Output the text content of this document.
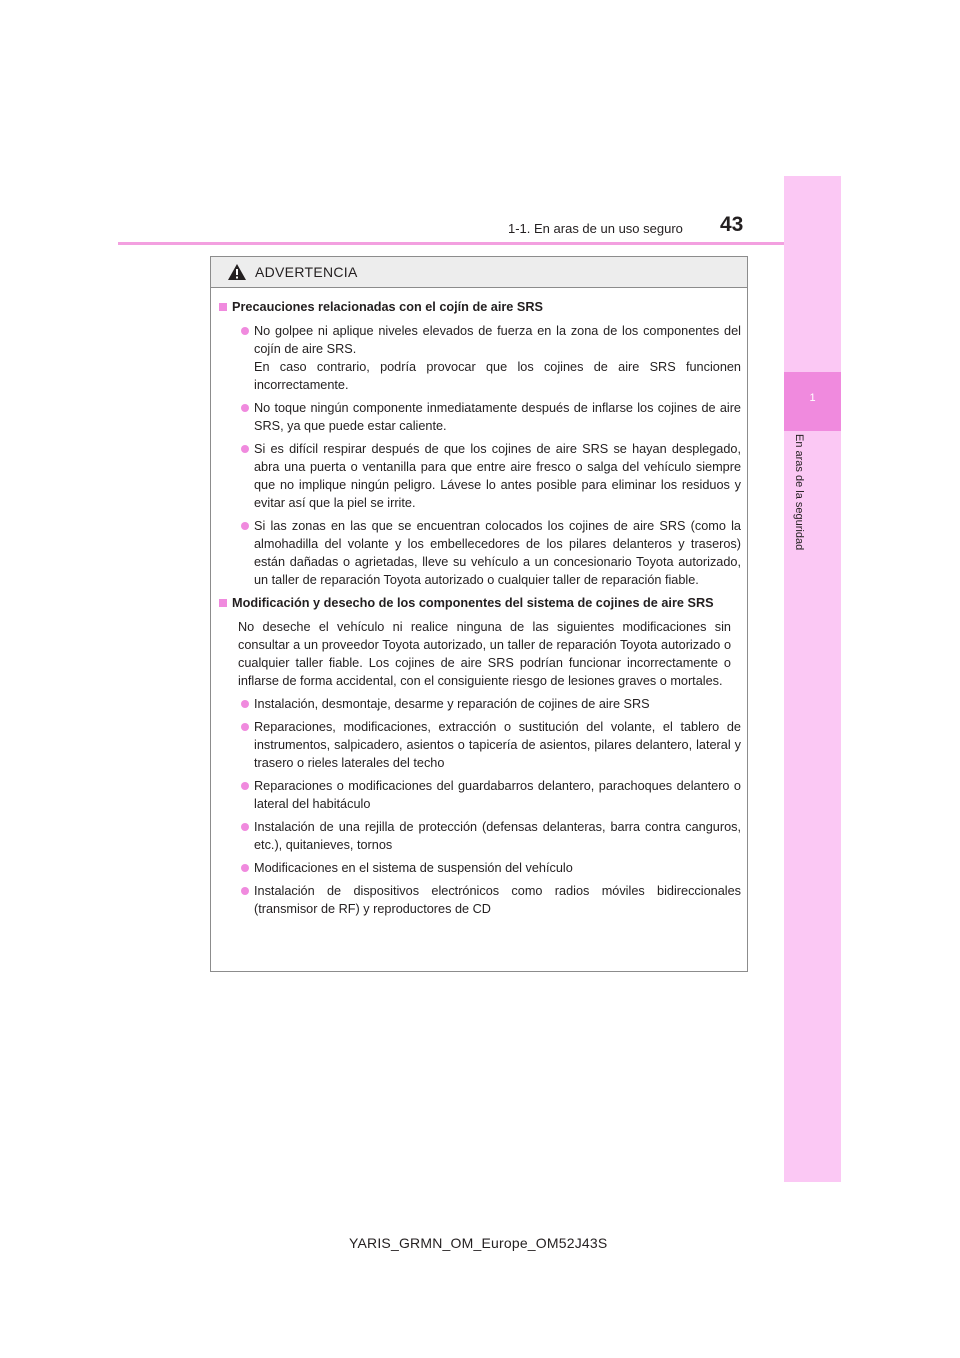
1-1. En aras de un uso seguro 43
1
En aras de la seguridad
ADVERTENCIA
Precauciones relacionadas con el cojín de aire SRS
No golpee ni aplique niveles elevados de fuerza en la zona de los componentes del cojín de aire SRS.
En caso contrario, podría provocar que los cojines de aire SRS funcionen incorrectamente.
No toque ningún componente inmediatamente después de inflarse los cojines de aire SRS, ya que puede estar caliente.
Si es difícil respirar después de que los cojines de aire SRS se hayan desplegado, abra una puerta o ventanilla para que entre aire fresco o salga del vehículo siempre que no implique ningún peligro. Lávese lo antes posible para eliminar los residuos y evitar así que la piel se irrite.
Si las zonas en las que se encuentran colocados los cojines de aire SRS (como la almohadilla del volante y los embellecedores de los pilares delanteros y traseros) están dañadas o agrietadas, lleve su vehículo a un concesionario Toyota autorizado, un taller de reparación Toyota autorizado o cualquier taller de reparación fiable.
Modificación y desecho de los componentes del sistema de cojines de aire SRS
No deseche el vehículo ni realice ninguna de las siguientes modificaciones sin consultar a un proveedor Toyota autorizado, un taller de reparación Toyota autorizado o cualquier taller fiable. Los cojines de aire SRS podrían funcionar incorrectamente o inflarse de forma accidental, con el consiguiente riesgo de lesiones graves o mortales.
Instalación, desmontaje, desarme y reparación de cojines de aire SRS
Reparaciones, modificaciones, extracción o sustitución del volante, el tablero de instrumentos, salpicadero, asientos o tapicería de asientos, pilares delantero, lateral y trasero o rieles laterales del techo
Reparaciones o modificaciones del guardabarros delantero, parachoques delantero o lateral del habitáculo
Instalación de una rejilla de protección (defensas delanteras, barra contra canguros, etc.), quitanieves, tornos
Modificaciones en el sistema de suspensión del vehículo
Instalación de dispositivos electrónicos como radios móviles bidireccionales (transmisor de RF) y reproductores de CD
YARIS_GRMN_OM_Europe_OM52J43S
